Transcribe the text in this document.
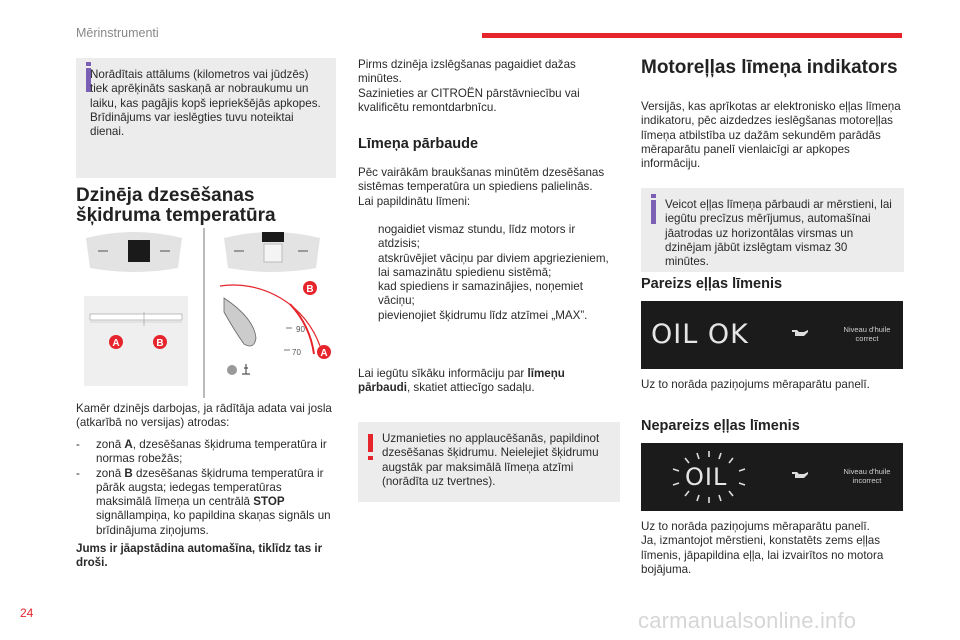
Mērinstrumenti
Norādītais attālums (kilometros vai jūdzēs) tiek aprēķināts saskaņā ar nobraukumu un laiku, kas pagājis kopš iepriekšējās apkopes.
Brīdinājums var ieslēgties tuvu noteiktai dienai.
Dzinēja dzesēšanas šķidruma temperatūra
A	B
90
70
B
A
Kamēr dzinējs darbojas, ja rādītāja adata vai josla (atkarībā no versijas) atrodas:
- zonā A, dzesēšanas šķidruma temperatūra ir normas robežās;
- zonā B dzesēšanas šķidruma temperatūra ir pārāk augsta; iedegas temperatūras maksimālā līmeņa un centrālā STOP signāllampiņa, ko papildina skaņas signāls un brīdinājuma ziņojums.
Jums ir jāapstādina automašīna, tiklīdz tas ir droši.
Pirms dzinēja izslēgšanas pagaidiet dažas minūtes.
Sazinieties ar CITROËN pārstāvniecību vai kvalificētu remontdarbnīcu.
Līmeņa pārbaude
Pēc vairākām braukšanas minūtēm dzesēšanas sistēmas temperatūra un spiediens palielinās.
Lai papildinātu līmeni:
nogaidiet vismaz stundu, līdz motors ir atdzisis;
atskrūvējiet vāciņu par diviem apgriezieniem, lai samazinātu spiedienu sistēmā;
kad spiediens ir samazinājies, noņemiet vāciņu;
pievienojiet šķidrumu līdz atzīmei „MAX”.
Lai iegūtu sīkāku informāciju par līmeņu pārbaudi, skatiet attiecīgo sadaļu.
Uzmanieties no applaucēšanās, papildinot dzesēšanas šķidrumu. Neielejiet šķidrumu augstāk par maksimālā līmeņa atzīmi (norādīta uz tvertnes).
Motoreļļas līmeņa indikators
Versijās, kas aprīkotas ar elektronisko eļļas līmeņa indikatoru, pēc aizdedzes ieslēgšanas motoreļļas līmeņa atbilstība uz dažām sekundēm parādās mēraparātu panelī vienlaicīgi ar apkopes informāciju.
Veicot eļļas līmeņa pārbaudi ar mērstieni, lai iegūtu precīzus mērījumus, automašīnai jāatrodas uz horizontālas virsmas un dzinējam jābūt izslēgtam vismaz 30 minūtes.
Pareizs eļļas līmenis
OIL OK	Niveau d'huile correct
Uz to norāda paziņojums mēraparātu panelī.
Nepareizs eļļas līmenis
OIL	Niveau d'huile incorrect
Uz to norāda paziņojums mēraparātu panelī.
Ja, izmantojot mērstieni, konstatēts zems eļļas līmenis, jāpapildina eļļa, lai izvairītos no motora bojājuma.
24	carmanualsonline.info
